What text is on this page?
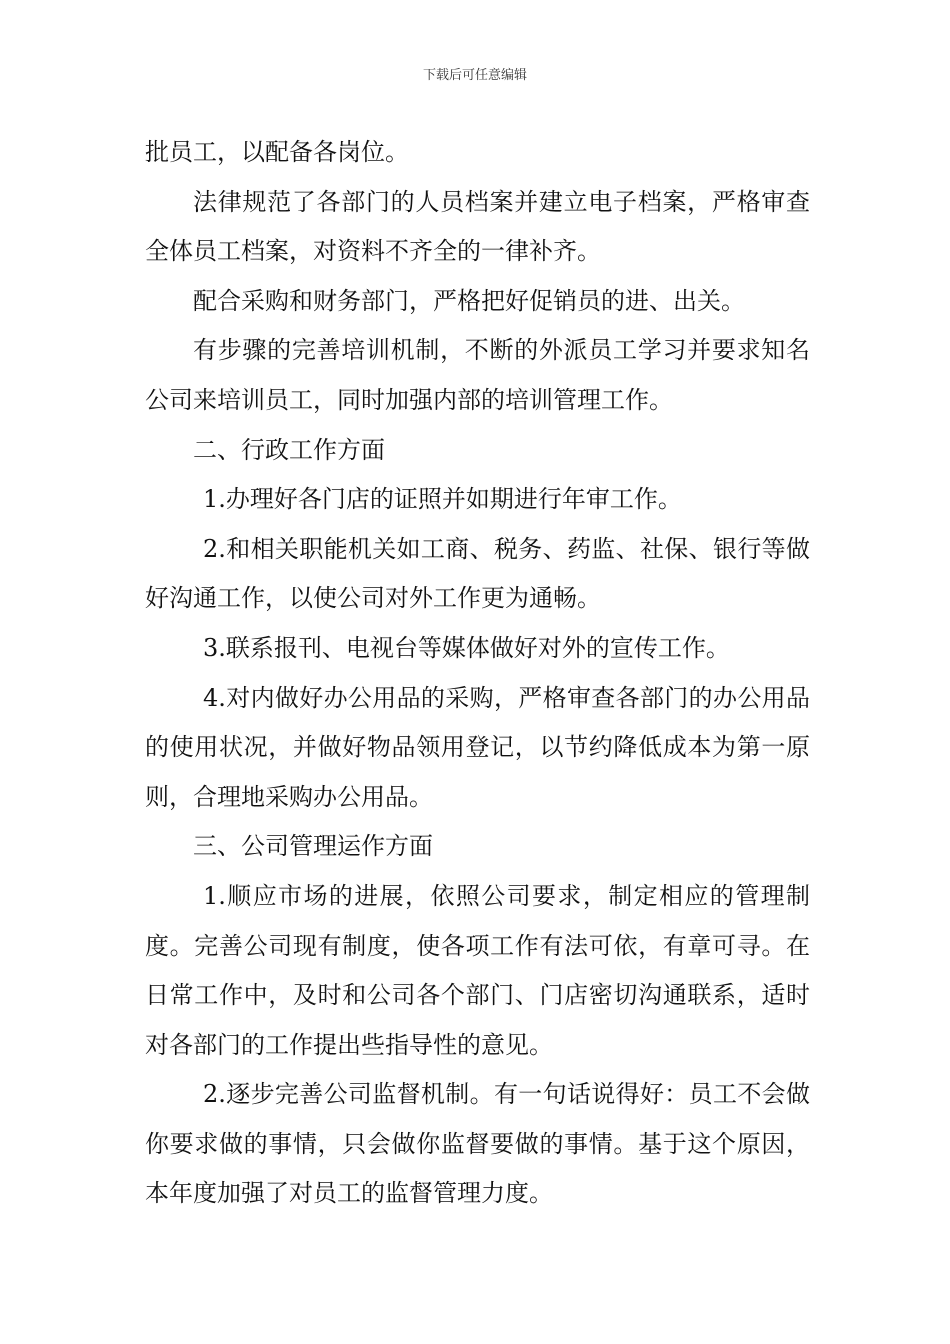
下载后可任意编辑

批员工，以配备各岗位。

法律规范了各部门的人员档案并建立电子档案，严格审查全体员工档案，对资料不齐全的一律补齐。

配合采购和财务部门，严格把好促销员的进、出关。

有步骤的完善培训机制，不断的外派员工学习并要求知名公司来培训员工，同时加强内部的培训管理工作。

二、行政工作方面

1.办理好各门店的证照并如期进行年审工作。

2.和相关职能机关如工商、税务、药监、社保、银行等做好沟通工作，以使公司对外工作更为通畅。

3.联系报刊、电视台等媒体做好对外的宣传工作。

4.对内做好办公用品的采购，严格审查各部门的办公用品的使用状况，并做好物品领用登记，以节约降低成本为第一原则，合理地采购办公用品。

三、公司管理运作方面

1.顺应市场的进展，依照公司要求，制定相应的管理制度。完善公司现有制度，使各项工作有法可依，有章可寻。在日常工作中，及时和公司各个部门、门店密切沟通联系，适时对各部门的工作提出些指导性的意见。

2.逐步完善公司监督机制。有一句话说得好：员工不会做你要求做的事情，只会做你监督要做的事情。基于这个原因，本年度加强了对员工的监督管理力度。
